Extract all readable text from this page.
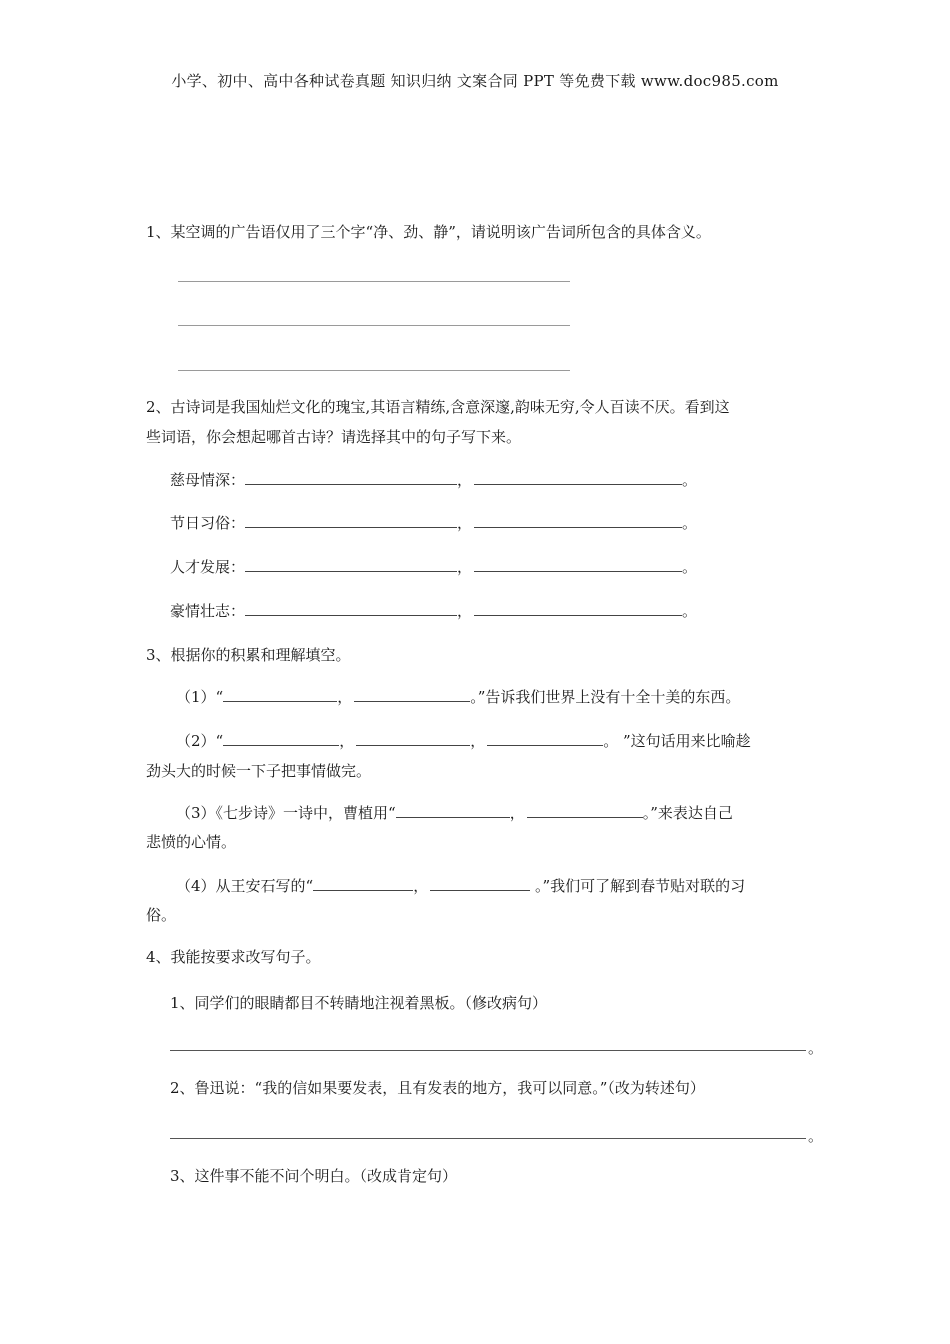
小学、初中、高中各种试卷真题 知识归纳 文案合同 PPT 等免费下载 www.doc985.com
1、某空调的广告语仅用了三个字“净、劲、静”，请说明该广告词所包含的具体含义。
2、古诗词是我国灿烂文化的瑰宝,其语言精练,含意深邃,韵味无穷,令人百读不厌。看到这
些词语，你会想起哪首古诗？请选择其中的句子写下来。
慈母情深：	，	。
节日习俗：	，	。
人才发展：	，	。
豪情壮志：	，	。
3、根据你的积累和理解填空。
（1）“	，	。”告诉我们世界上没有十全十美的东西。
（2）“	，	，	。 ”这句话用来比喻趁
劲头大的时候一下子把事情做完。
（3）《七步诗》一诗中，曹植用“	，	。”来表达自己
悲愤的心情。
（4）从王安石写的“	，	。”我们可了解到春节贴对联的习
俗。
4、我能按要求改写句子。
1、同学们的眼睛都目不转睛地注视着黑板。（修改病句）
。
2、鲁迅说：“我的信如果要发表，且有发表的地方，我可以同意。”（改为转述句）
。
3、这件事不能不问个明白。（改成肯定句）
